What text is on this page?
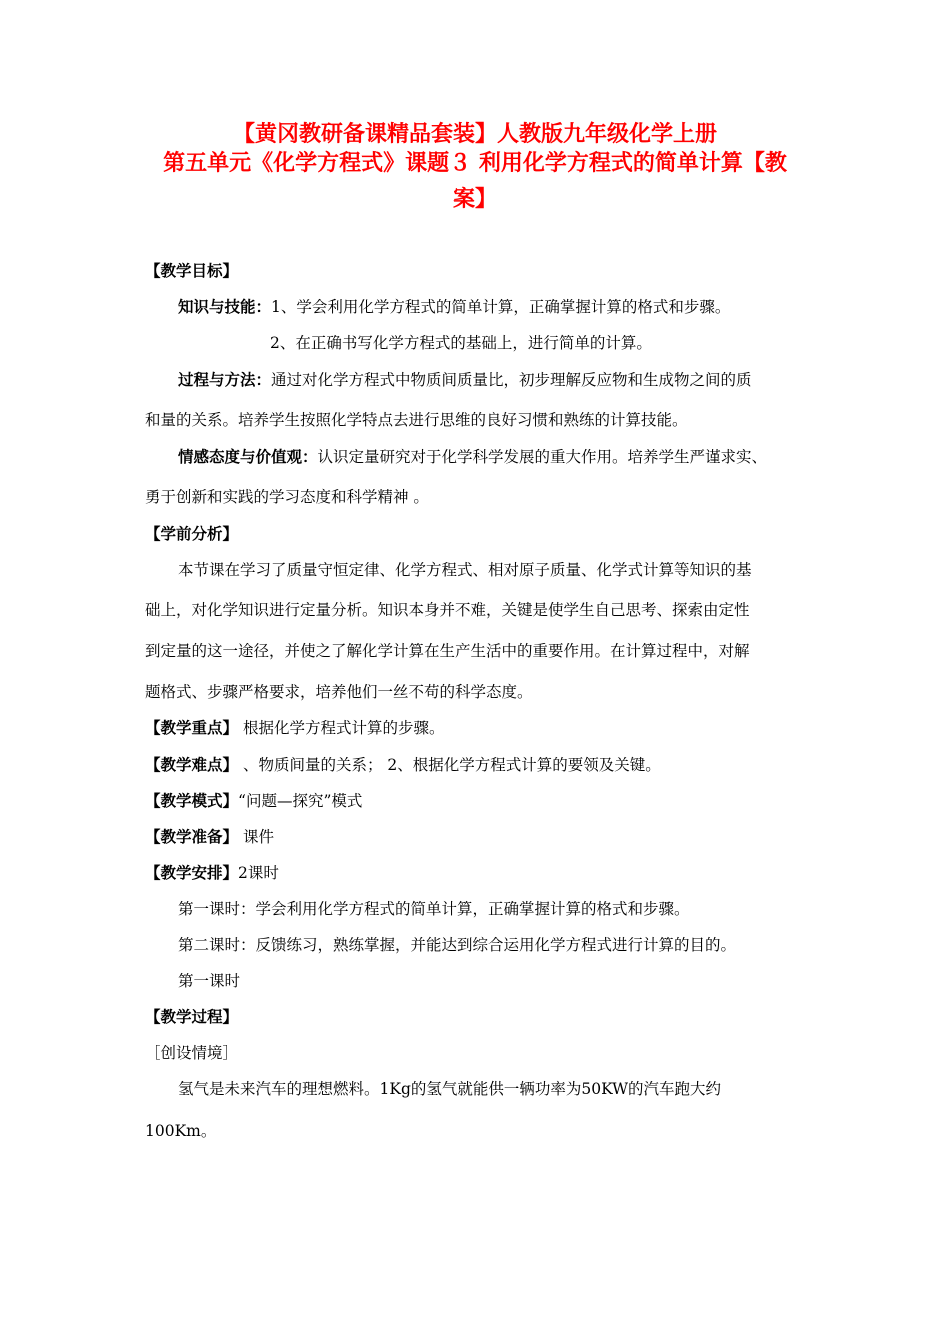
【黄冈教研备课精品套装】人教版九年级化学上册
第五单元《化学方程式》课题３ 利用化学方程式的简单计算【教
案】
【教学目标】
知识与技能：1、学会利用化学方程式的简单计算，正确掌握计算的格式和步骤。
2、在正确书写化学方程式的基础上，进行简单的计算。
过程与方法：通过对化学方程式中物质间质量比，初步理解反应物和生成物之间的质
和量的关系。培养学生按照化学特点去进行思维的良好习惯和熟练的计算技能。
情感态度与价值观：认识定量研究对于化学科学发展的重大作用。培养学生严谨求实、
勇于创新和实践的学习态度和科学精神 。
【学前分析】
本节课在学习了质量守恒定律、化学方程式、相对原子质量、化学式计算等知识的基
础上，对化学知识进行定量分析。知识本身并不难，关键是使学生自己思考、探索由定性
到定量的这一途径，并使之了解化学计算在生产生活中的重要作用。在计算过程中，对解
题格式、步骤严格要求，培养他们一丝不苟的科学态度。
【教学重点】 根据化学方程式计算的步骤。
【教学难点】 、物质间量的关系； 2、根据化学方程式计算的要领及关键。
【教学模式】“问题—探究”模式
【教学准备】 课件
【教学安排】2课时
第一课时：学会利用化学方程式的简单计算，正确掌握计算的格式和步骤。
第二课时：反馈练习，熟练掌握，并能达到综合运用化学方程式进行计算的目的。
第一课时
【教学过程】
［创设情境］
氢气是未来汽车的理想燃料。1Kg的氢气就能供一辆功率为50KW的汽车跑大约
100Km。
